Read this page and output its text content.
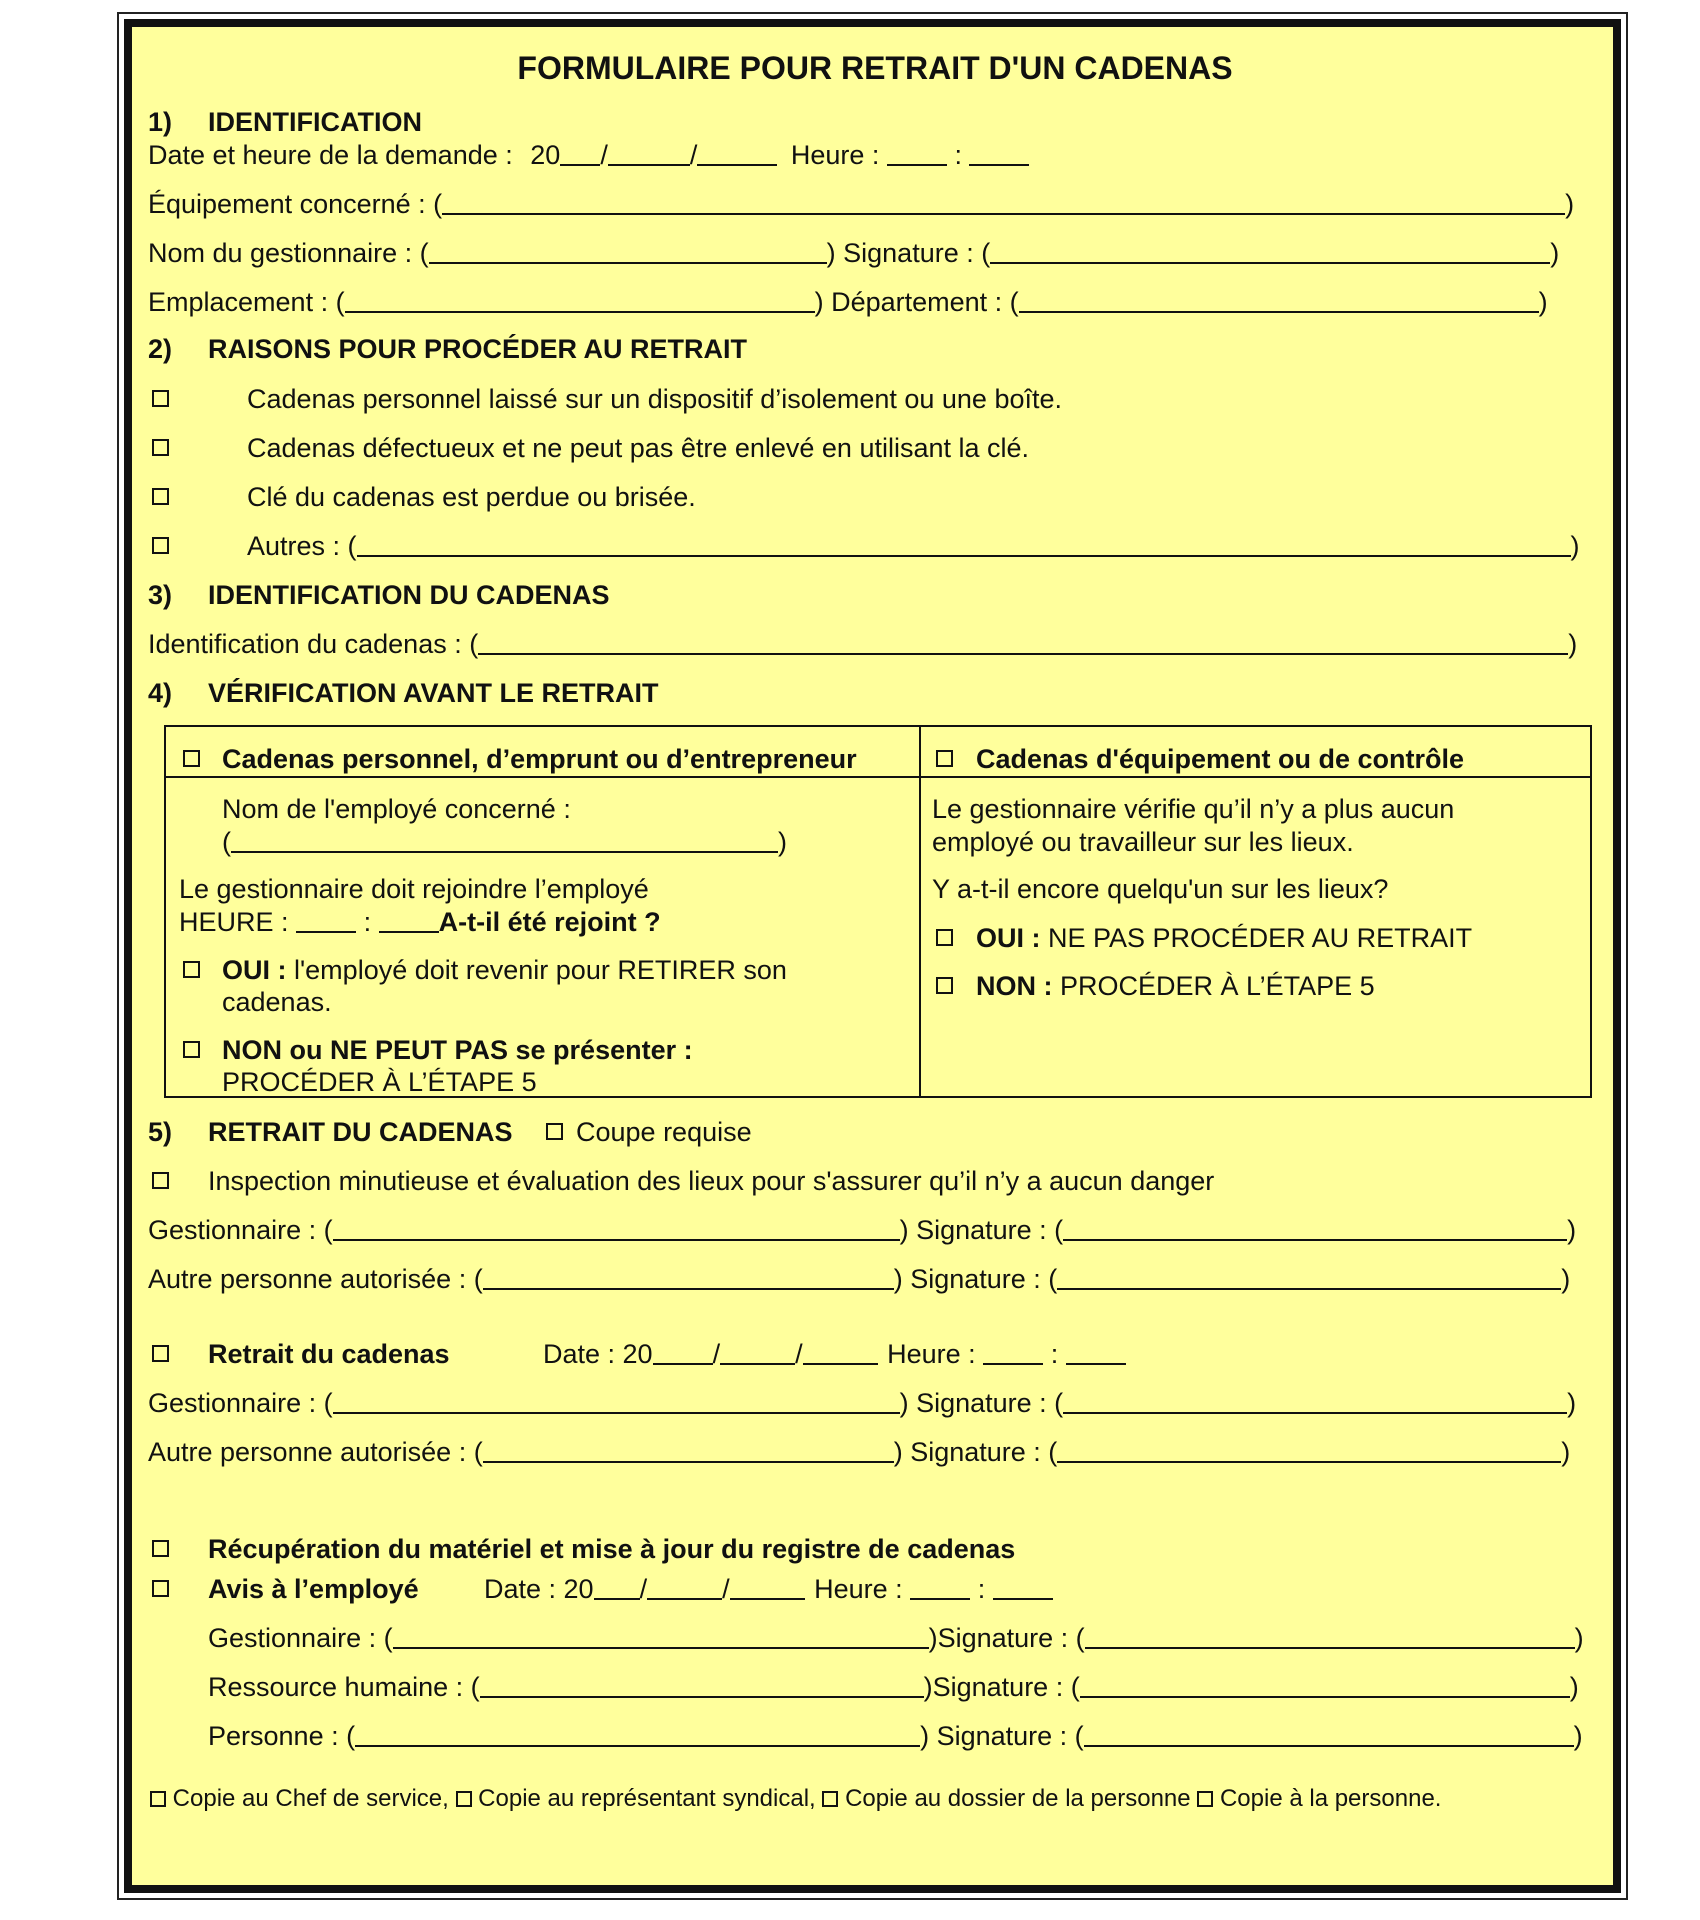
FORMULAIRE POUR RETRAIT D'UN CADENAS
1) IDENTIFICATION
Date et heure de la demande : 20 /	/	Heure :	:
Équipement concerné : (	)
Nom du gestionnaire : (	) Signature : (	)
Emplacement : (	) Département : (	)
2) RAISONS POUR PROCÉDER AU RETRAIT
Cadenas personnel laissé sur un dispositif d’isolement ou une boîte.
Cadenas défectueux et ne peut pas être enlevé en utilisant la clé.
Clé du cadenas est perdue ou brisée.
Autres : (	)
3) IDENTIFICATION DU CADENAS
Identification du cadenas : (	)
4) VÉRIFICATION AVANT LE RETRAIT
Cadenas personnel, d’emprunt ou d’entrepreneur	Cadenas d'équipement ou de contrôle
Nom de l'employé concerné :
(	)
Le gestionnaire doit rejoindre l’employé
HEURE :	:	A-t-il été rejoint ?
OUI : l'employé doit revenir pour RETIRER son
cadenas.
NON ou NE PEUT PAS se présenter :
PROCÉDER À L’ÉTAPE 5
Le gestionnaire vérifie qu’il n’y a plus aucun
employé ou travailleur sur les lieux.
Y a-t-il encore quelqu'un sur les lieux?
OUI : NE PAS PROCÉDER AU RETRAIT
NON : PROCÉDER À L’ÉTAPE 5
5) RETRAIT DU CADENAS Coupe requise
Inspection minutieuse et évaluation des lieux pour s'assurer qu’il n’y a aucun danger
Gestionnaire : (	) Signature : (	)
Autre personne autorisée : (	) Signature : (	)
Retrait du cadenas	Date : 20 /	/	Heure :	:
Gestionnaire : (	) Signature : (	)
Autre personne autorisée : (	) Signature : (	)
Récupération du matériel et mise à jour du registre de cadenas
Avis à l’employé Date : 20 /	/	Heure :	:
Gestionnaire : (	)Signature : (	)
Ressource humaine : (	)Signature : (	)
Personne : (	) Signature : (	)
Copie au Chef de service, Copie au représentant syndical, Copie au dossier de la personne Copie à la personne.
